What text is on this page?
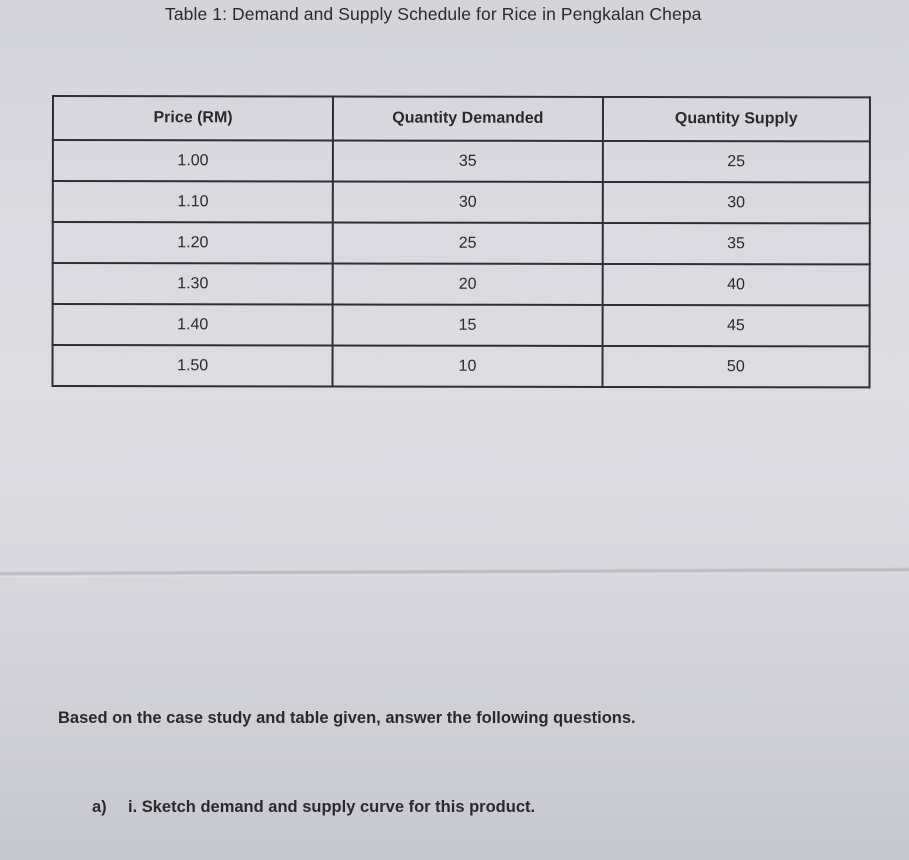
Table 1: Demand and Supply Schedule for Rice in Pengkalan Chepa
Price (RM)	Quantity Demanded	Quantity Supply
1.00	35	25
1.10	30	30
1.20	25	35
1.30	20	40
1.40	15	45
1.50	10	50
Based on the case study and table given, answer the following questions.
a) i. Sketch demand and supply curve for this product.
